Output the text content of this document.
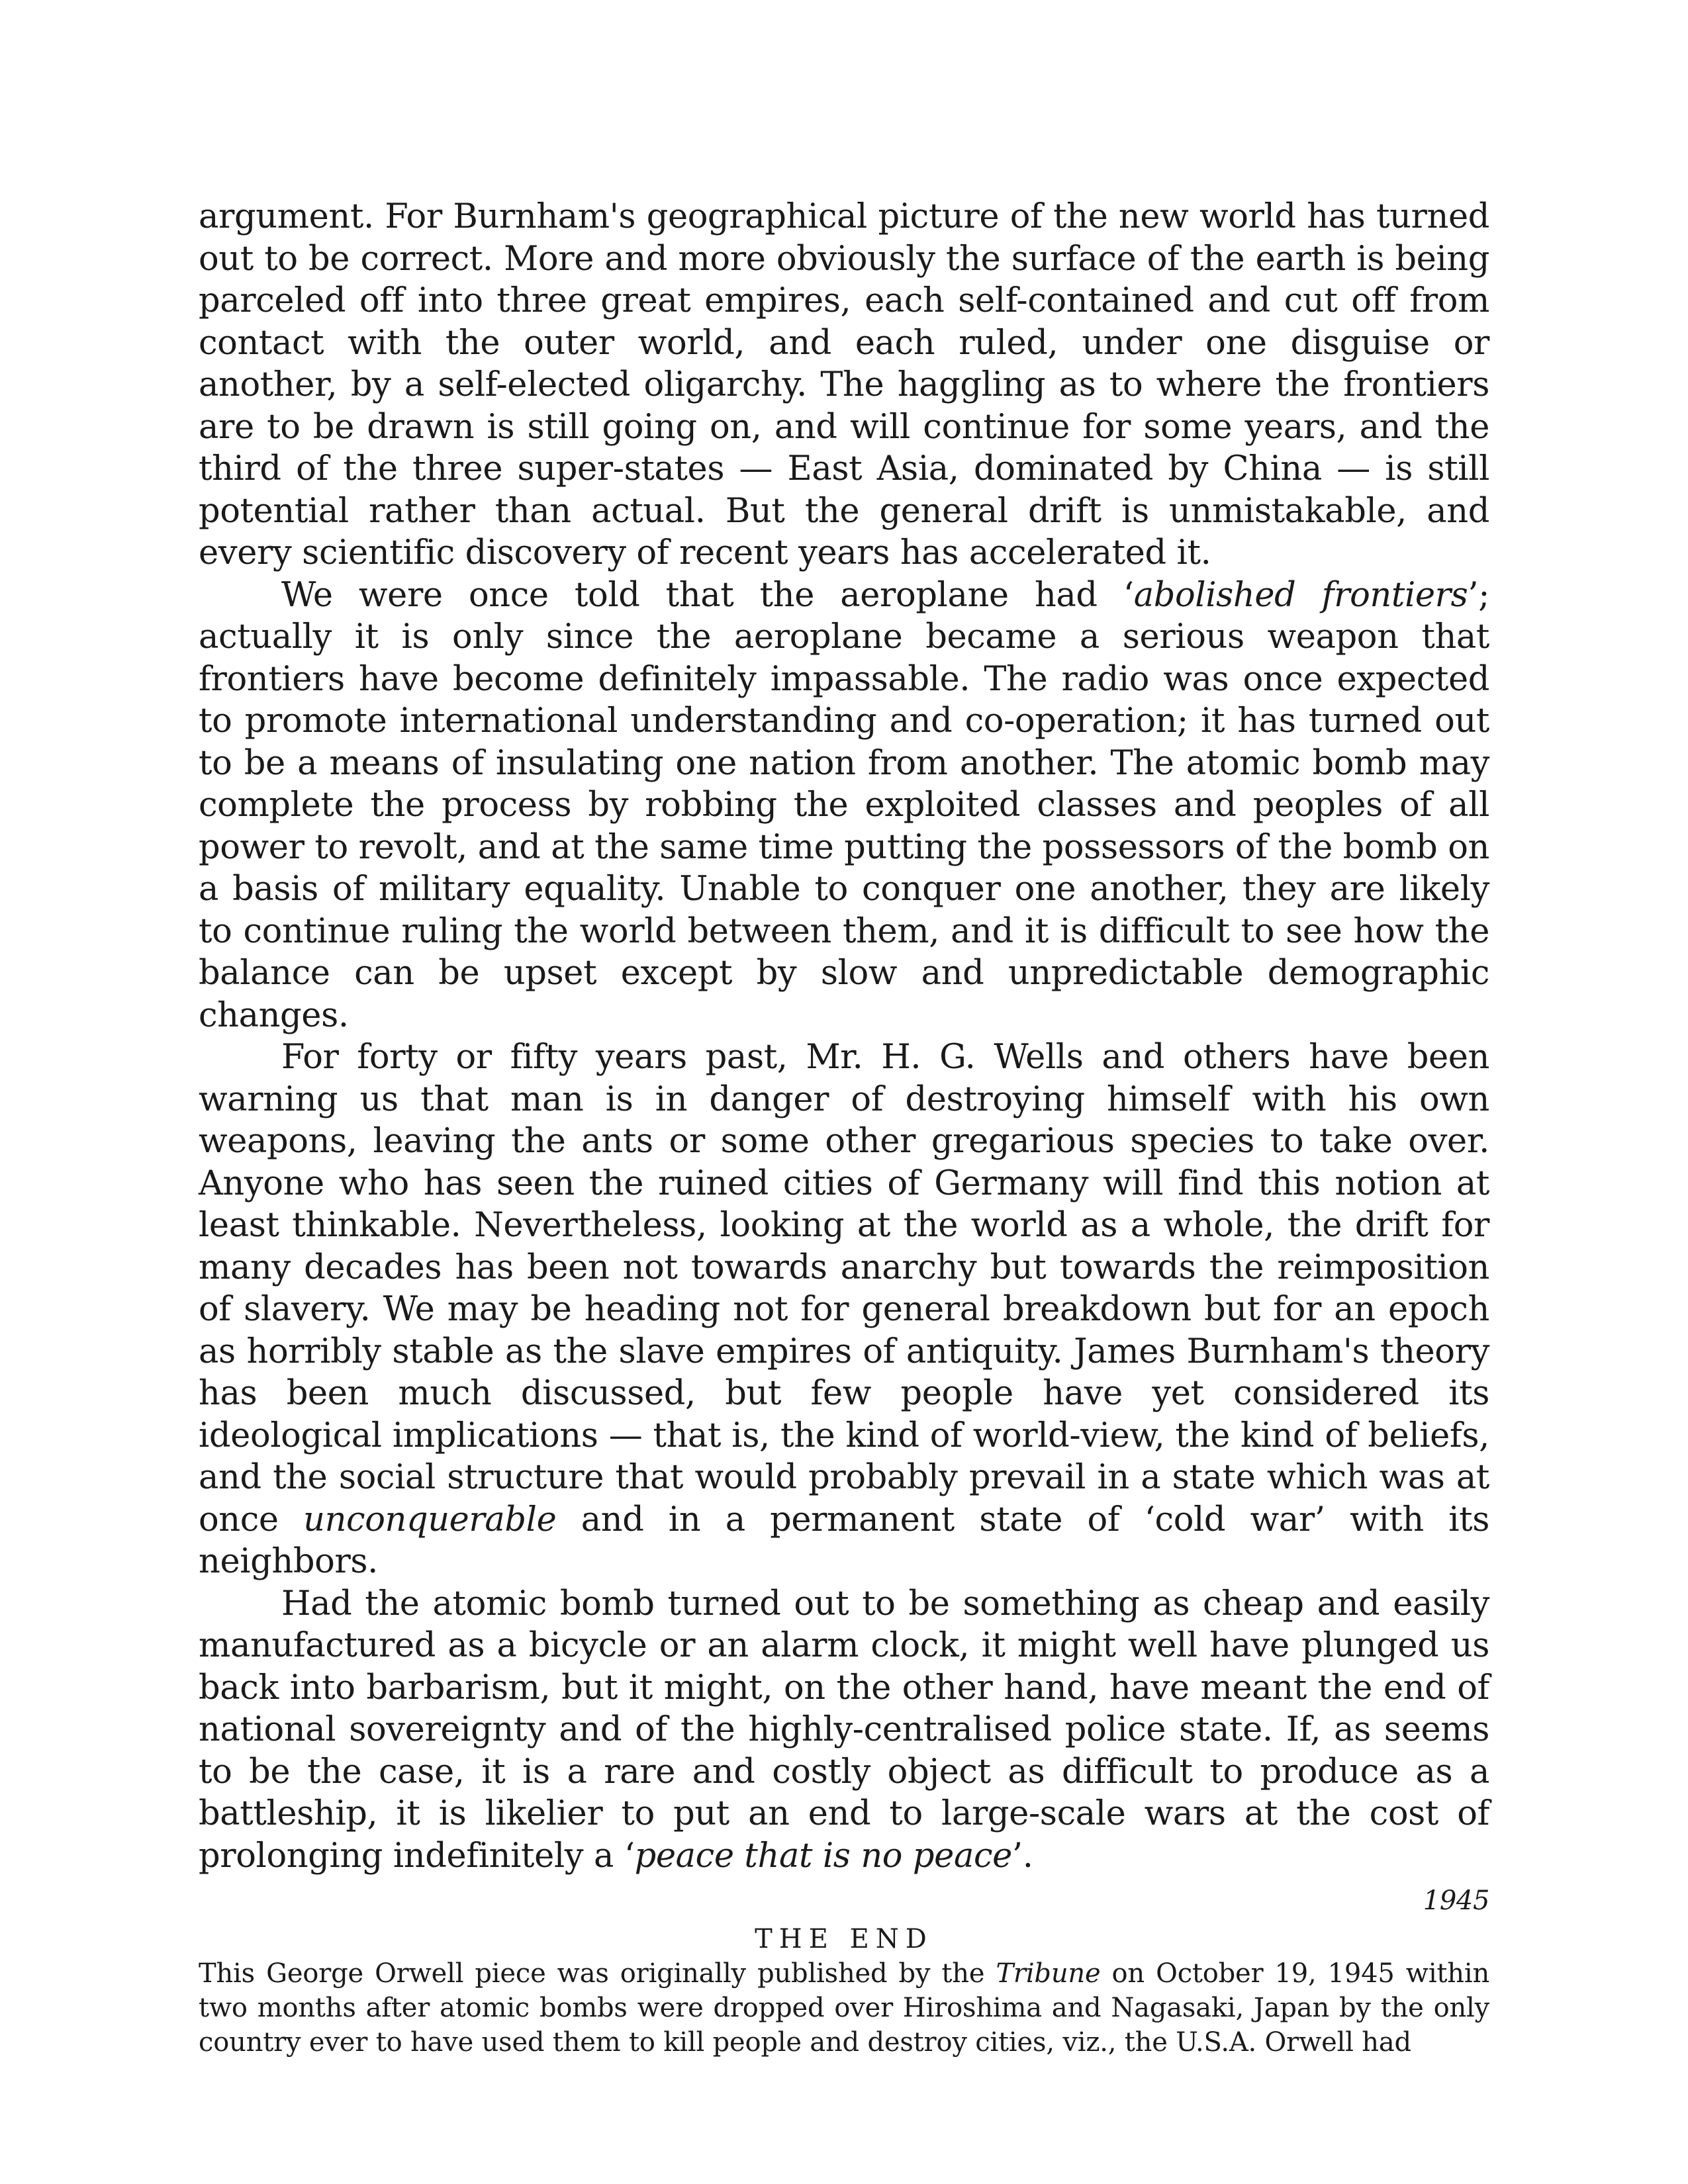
argument. For Burnham's geographical picture of the new world has turned out to be correct. More and more obviously the surface of the earth is being parceled off into three great empires, each self-contained and cut off from contact with the outer world, and each ruled, under one disguise or another, by a self-elected oligarchy. The haggling as to where the frontiers are to be drawn is still going on, and will continue for some years, and the third of the three super-states — East Asia, dominated by China — is still potential rather than actual. But the general drift is unmistakable, and every scientific discovery of recent years has accelerated it.

We were once told that the aeroplane had ‘abolished frontiers’; actually it is only since the aeroplane became a serious weapon that frontiers have become definitely impassable. The radio was once expected to promote international understanding and co-operation; it has turned out to be a means of insulating one nation from another. The atomic bomb may complete the process by robbing the exploited classes and peoples of all power to revolt, and at the same time putting the possessors of the bomb on a basis of military equality. Unable to conquer one another, they are likely to continue ruling the world between them, and it is difficult to see how the balance can be upset except by slow and unpredictable demographic changes.

For forty or fifty years past, Mr. H. G. Wells and others have been warning us that man is in danger of destroying himself with his own weapons, leaving the ants or some other gregarious species to take over. Anyone who has seen the ruined cities of Germany will find this notion at least thinkable. Nevertheless, looking at the world as a whole, the drift for many decades has been not towards anarchy but towards the reimposition of slavery. We may be heading not for general breakdown but for an epoch as horribly stable as the slave empires of antiquity. James Burnham's theory has been much discussed, but few people have yet considered its ideological implications — that is, the kind of world-view, the kind of beliefs, and the social structure that would probably prevail in a state which was at once unconquerable and in a permanent state of ‘cold war’ with its neighbors.

Had the atomic bomb turned out to be something as cheap and easily manufactured as a bicycle or an alarm clock, it might well have plunged us back into barbarism, but it might, on the other hand, have meant the end of national sovereignty and of the highly-centralised police state. If, as seems to be the case, it is a rare and costly object as difficult to produce as a battleship, it is likelier to put an end to large-scale wars at the cost of prolonging indefinitely a ‘peace that is no peace’.

1945

THE END

This George Orwell piece was originally published by the Tribune on October 19, 1945 within two months after atomic bombs were dropped over Hiroshima and Nagasaki, Japan by the only country ever to have used them to kill people and destroy cities, viz., the U.S.A. Orwell had
